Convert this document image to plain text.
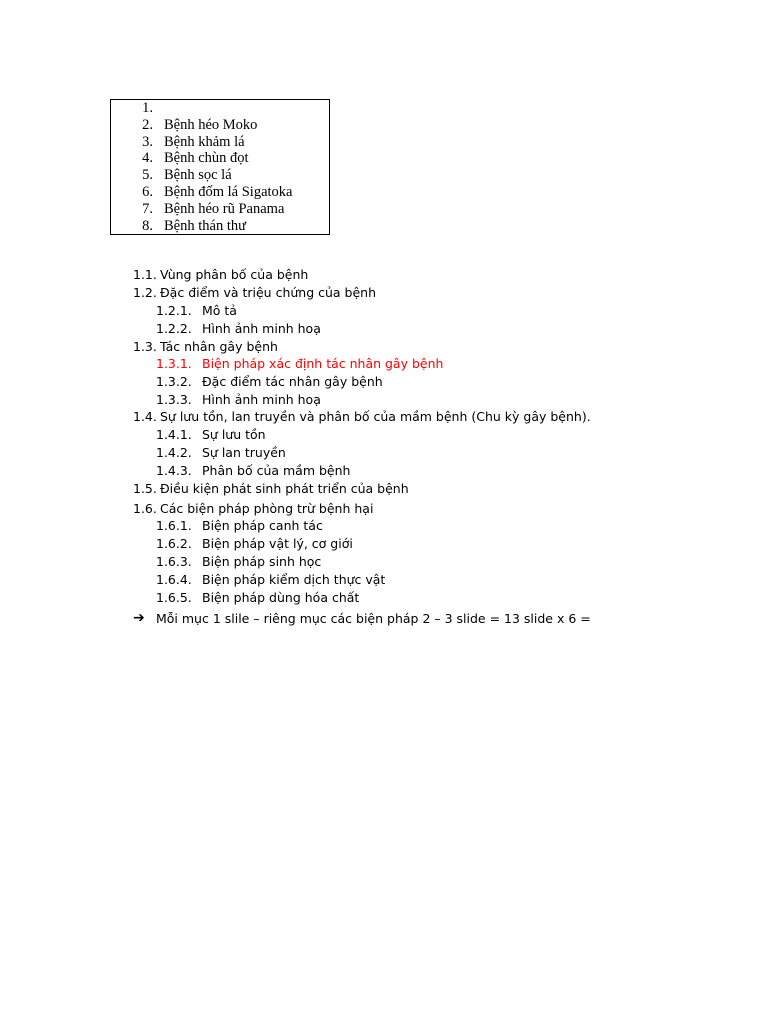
1.
2. Bệnh héo Moko
3. Bệnh khảm lá
4. Bệnh chùn đọt
5. Bệnh sọc lá
6. Bệnh đốm lá Sigatoka
7. Bệnh héo rũ Panama
8. Bệnh thán thư
1.1. Vùng phân bố của bệnh
1.2. Đặc điểm và triệu chứng của bệnh
1.2.1. Mô tả
1.2.2. Hình ảnh minh hoạ
1.3. Tác nhân gây bệnh
1.3.1. Biện pháp xác định tác nhân gây bệnh
1.3.2. Đặc điểm tác nhân gây bệnh
1.3.3. Hình ảnh minh hoạ
1.4. Sự lưu tồn, lan truyền và phân bố của mầm bệnh (Chu kỳ gây bệnh).
1.4.1. Sự lưu tồn
1.4.2. Sự lan truyền
1.4.3. Phân bố của mầm bệnh
1.5. Điều kiện phát sinh phát triển của bệnh
1.6. Các biện pháp phòng trừ bệnh hại
1.6.1. Biện pháp canh tác
1.6.2. Biện pháp vật lý, cơ giới
1.6.3. Biện pháp sinh học
1.6.4. Biện pháp kiểm dịch thực vật
1.6.5. Biện pháp dùng hóa chất
➔ Mỗi mục 1 slile – riêng mục các biện pháp 2 – 3 slide = 13 slide x 6 =
